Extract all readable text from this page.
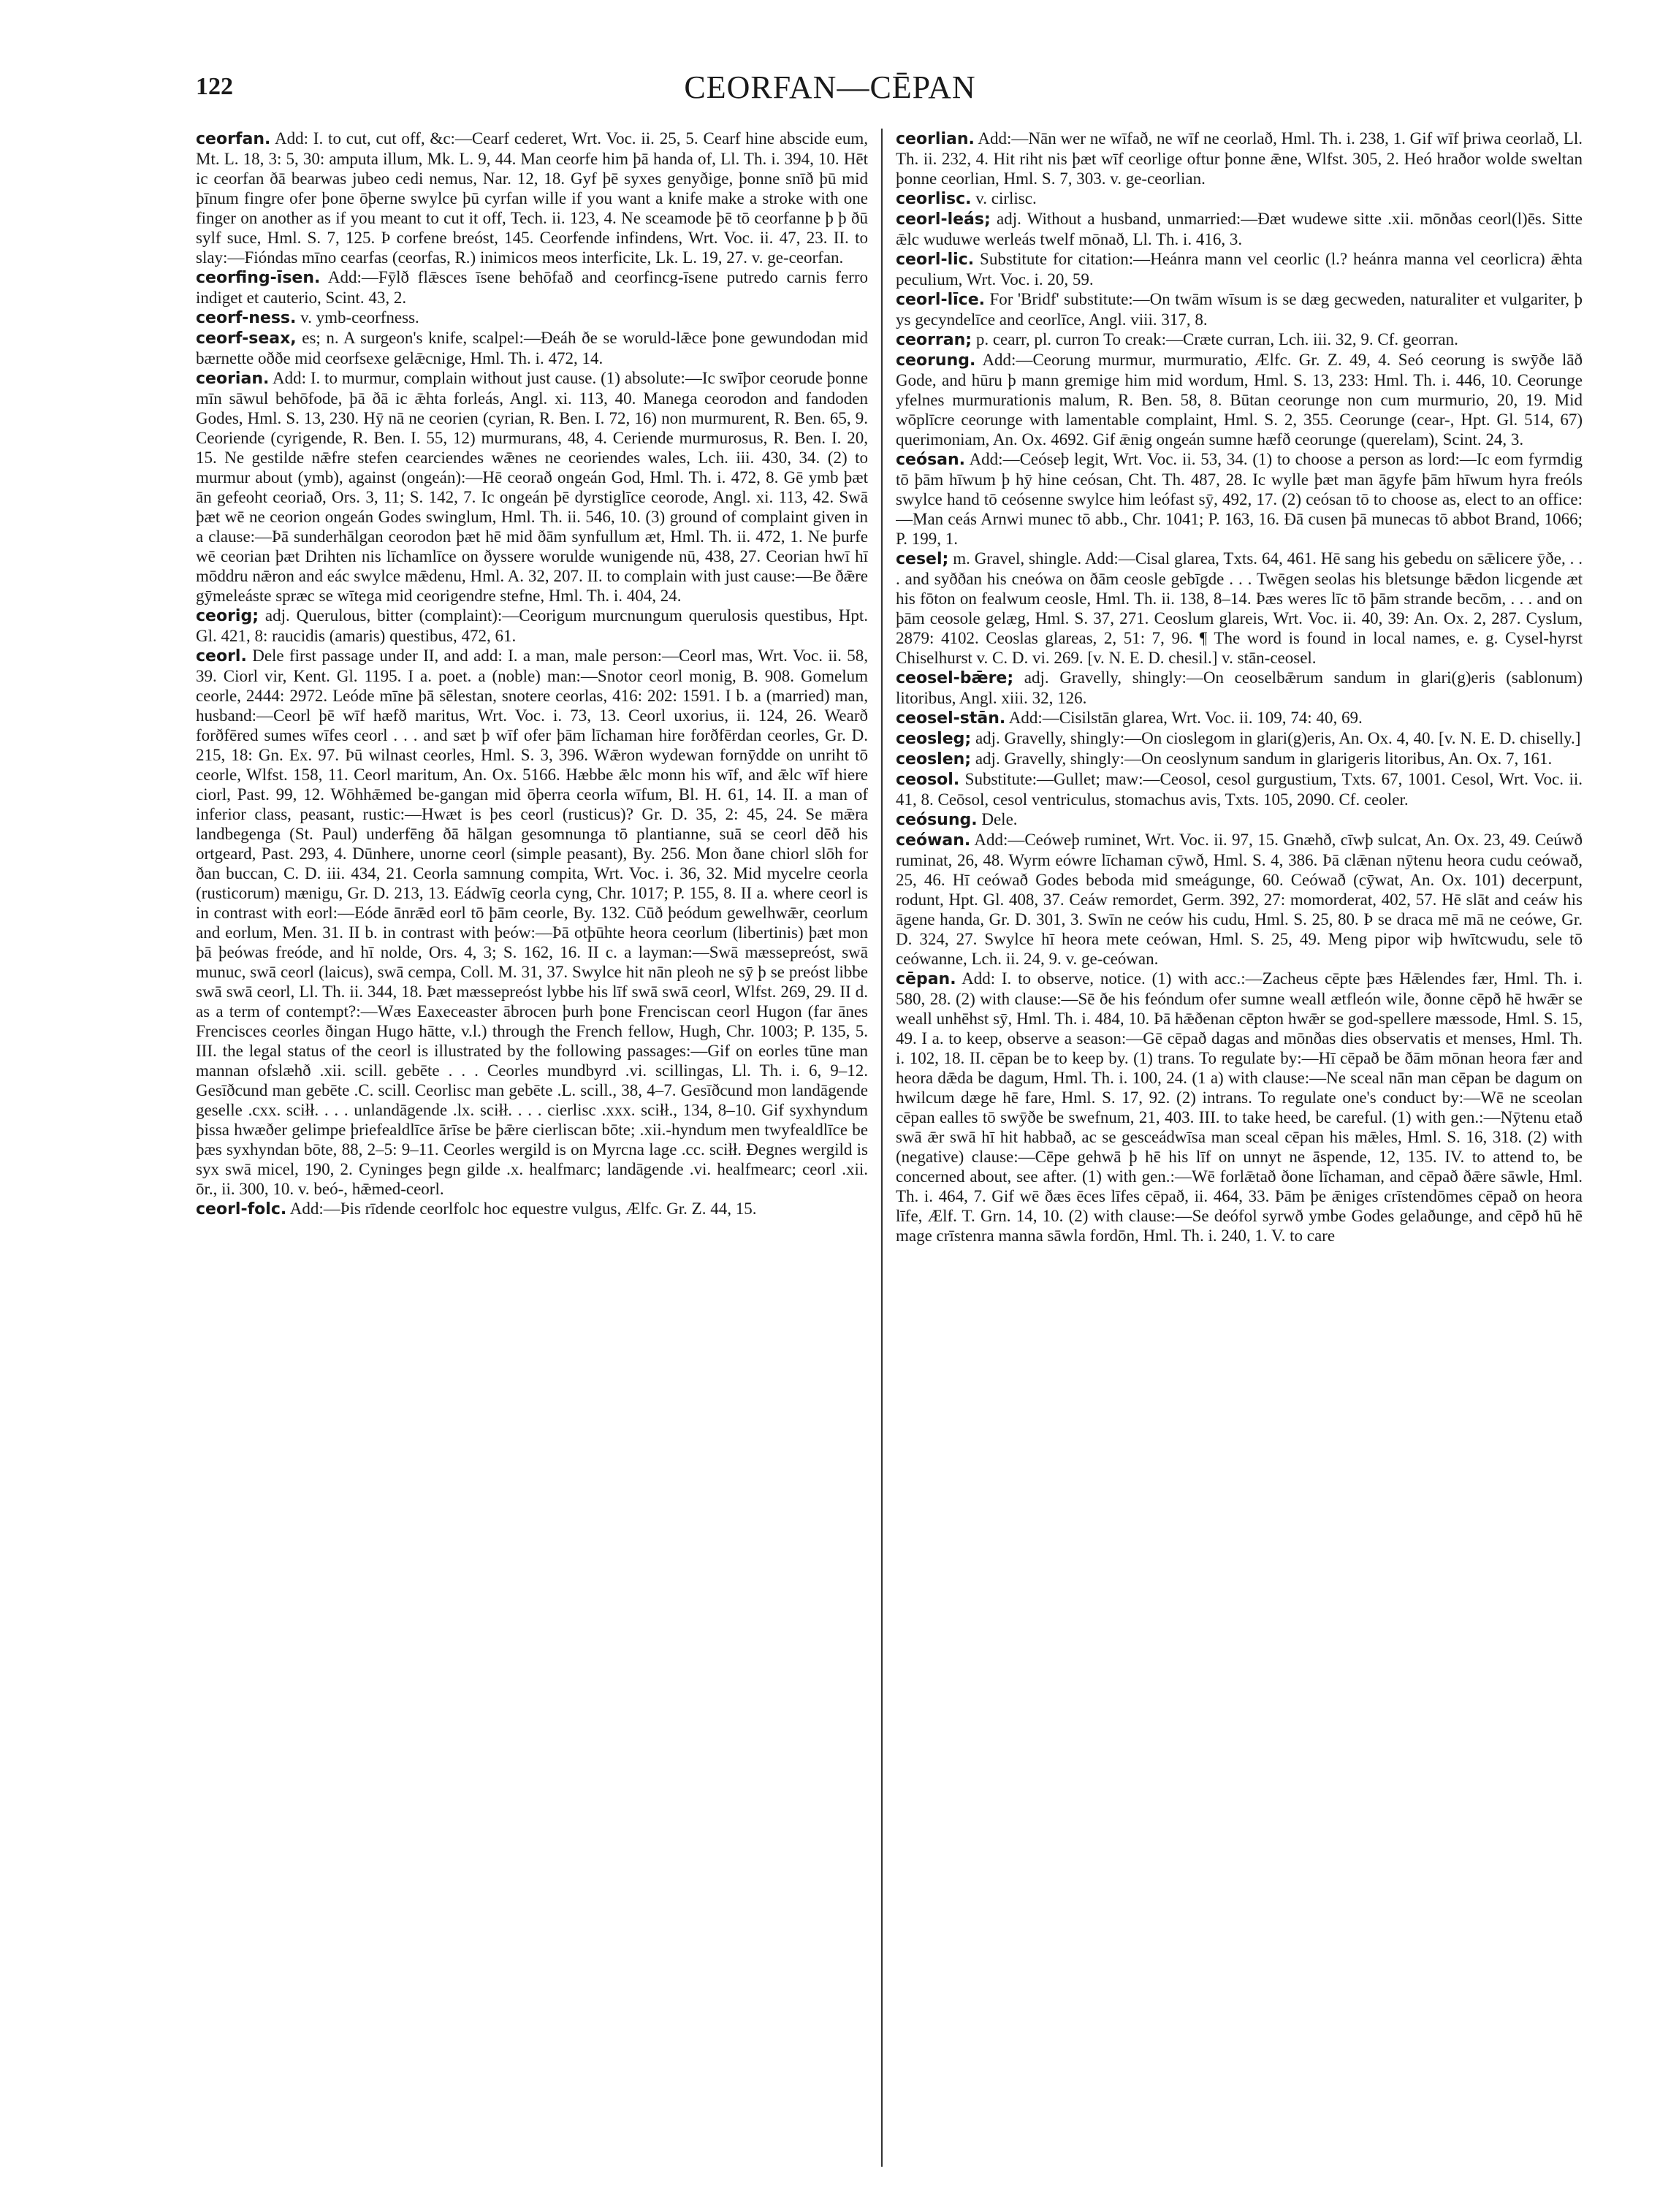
122	CEORFAN—CĒPAN

ceorfan. Add: I. to cut, cut off, &c:—Cearf cederet, Wrt. Voc. ii. 25, 5. Cearf hine abscide eum, Mt. L. 18, 3: 5, 30: amputa illum, Mk. L. 9, 44. Man ceorfe him þā handa of, Ll. Th. i. 394, 10. Hēt ic ceorfan ðā bearwas jubeo cedi nemus, Nar. 12, 18. Gyf þē syxes genyðige, þonne snīð þū mid þīnum fingre ofer þone ōþerne swylce þū cyrfan wille if you want a knife make a stroke with one finger on another as if you meant to cut it off, Tech. ii. 123, 4. Ne sceamode þē tō ceorfanne þ þ ðū sylf suce, Hml. S. 7, 125. Þ corfene breóst, 145. Ceorfende infindens, Wrt. Voc. ii. 47, 23. II. to slay:—Fióndas mīno cearfas (ceorfas, R.) inimicos meos interficite, Lk. L. 19, 27. v. ge-ceorfan.

ceorfing-īsen. Add:—Fȳlð flǣsces īsene behōfað and ceorfincg-īsene putredo carnis ferro indiget et cauterio, Scint. 43, 2.

ceorf-ness. v. ymb-ceorfness.

ceorf-seax, es; n. A surgeon's knife, scalpel:—Ðeáh ðe se woruld-lǣce þone gewundodan mid bærnette oððe mid ceorfsexe gelǣcnige, Hml. Th. i. 472, 14.

ceorian. Add: I. to murmur, complain without just cause. (1) absolute:—Ic swīþor ceorude þonne mīn sāwul behōfode, þā ðā ic ǣhta forleás, Angl. xi. 113, 40. Manega ceorodon and fandoden Godes, Hml. S. 13, 230. Hȳ nā ne ceorien (cyrian, R. Ben. I. 72, 16) non murmurent, R. Ben. 65, 9. Ceoriende (cyrigende, R. Ben. I. 55, 12) murmurans, 48, 4. Ceriende murmurosus, R. Ben. I. 20, 15. Ne gestilde nǣfre stefen cearciendes wǣnes ne ceoriendes wales, Lch. iii. 430, 34. (2) to murmur about (ymb), against (ongeán):—Hē ceorað ongeán God, Hml. Th. i. 472, 8. Gē ymb þæt ān gefeoht ceoriað, Ors. 3, 11; S. 142, 7. Ic ongeán þē dyrstiglīce ceorode, Angl. xi. 113, 42. Swā þæt wē ne ceorion ongeán Godes swinglum, Hml. Th. ii. 546, 10. (3) ground of complaint given in a clause:—Þā sunderhālgan ceorodon þæt hē mid ðām synfullum æt, Hml. Th. ii. 472, 1. Ne þurfe wē ceorian þæt Drihten nis līchamlīce on ðyssere woruldе wunigende nū, 438, 27. Ceorian hwī hī mōddru nǣron and eác swylce mǣdenu, Hml. A. 32, 207. II. to complain with just cause:—Be ðǣre gȳmeleáste spræc se wītega mid ceorigendre stefne, Hml. Th. i. 404, 24.

ceorig; adj. Querulous, bitter (complaint):—Ceorigum murcnungum querulosis questibus, Hpt. Gl. 421, 8: raucidis (amaris) questibus, 472, 61.

ceorl. Dele first passage under II, and add: I. a man, male person:—Ceorl mas, Wrt. Voc. ii. 58, 39. Ciorl vir, Kent. Gl. 1195. I a. poet. a (noble) man:—Snotor ceorl monig, B. 908. Gomelum ceorle, 2444: 2972. Leóde mīne þā sēlestan, snotere ceorlas, 416: 202: 1591. I b. a (married) man, husband:—Ceorl þē wīf hæfð maritus, Wrt. Voc. i. 73, 13. Ceorl uxorius, ii. 124, 26. Wearð forðfēred sumes wīfes ceorl . . . and sæt þ wīf ofer þām līchaman hire forðfērdan ceorles, Gr. D. 215, 18: Gn. Ex. 97. Þū wilnast ceorles, Hml. S. 3, 396. Wǣron wydewan fornȳdde on unriht tō ceorle, Wlfst. 158, 11. Ceorl maritum, An. Ox. 5166. Hæbbe ǣlc monn his wīf, and ǣlc wīf hiere ciorl, Past. 99, 12. Wōhhǣmed be-gangan mid ōþerra ceorla wīfum, Bl. H. 61, 14. II. a man of inferior class, peasant, rustic:—Hwæt is þes ceorl (rusticus)? Gr. D. 35, 2: 45, 24. Se mǣra landbegenga (St. Paul) underfēng ðā hālgan gesomnunga tō plantianne, suā se ceorl dēð his ortgeard, Past. 293, 4. Dūnhere, unorne ceorl (simple peasant), By. 256. Mon ðane chiorl slōh for ðan buccan, C. D. iii. 434, 21. Ceorla samnung compita, Wrt. Voc. i. 36, 32. Mid mycelre ceorla (rusticorum) mænigu, Gr. D. 213, 13. Eádwīg ceorla cyng, Chr. 1017; P. 155, 8. II a. where ceorl is in contrast with eorl:—Eóde ānrǣd eorl tō þām ceorle, By. 132. Cūð þeódum gewelhwǣr, ceorlum and eorlum, Men. 31. II b. in contrast with þeów:—Þā otþūhte heora ceorlum (libertinis) þæt mon þā þeówas freóde, and hī nolde, Ors. 4, 3; S. 162, 16. II c. a layman:—Swā mæssepreóst, swā munuc, swā ceorl (laicus), swā cempa, Coll. M. 31, 37. Swylce hit nān pleoh ne sȳ þ se preóst libbe swā swā ceorl, Ll. Th. ii. 344, 18. Þæt mæssepreóst lybbe his līf swā swā ceorl, Wlfst. 269, 29. II d. as a term of contempt?:—Wæs Eaxeceaster ābrocen þurh þone Frenciscan ceorl Hugon (far ānes Frencisces ceorles ðingan Hugo hātte, v.l.) through the French fellow, Hugh, Chr. 1003; P. 135, 5. III. the legal status of the ceorl is illustrated by the following passages:—Gif on eorles tūne man mannan ofslæhð .xii. scill. gebēte . . . Ceorles mundbyrd .vi. scillingas, Ll. Th. i. 6, 9–12. Gesīðcund man gebēte .C. scill. Ceorlisc man gebēte .L. scill., 38, 4–7. Gesīðcund mon landāgende geselle .cxx. sciłł. . . . unlandāgende .lx. sciłł. . . . cierlisc .xxx. sciłł., 134, 8–10. Gif syxhyndum þissa hwæðer gelimpe þriefealdlīce ārīse be þǣre cierliscan bōte; .xii.-hyndum men twyfealdlīce be þæs syxhyndan bōte, 88, 2–5: 9–11. Ceorles wergild is on Myrcna lage .cc. sciłł. Ðegnes wergild is syx swā micel, 190, 2. Cyninges þegn gilde .x. healfmarc; landāgende .vi. healfmearc; ceorl .xii. ōr., ii. 300, 10. v. beó-, hǣmed-ceorl.

ceorl-folc. Add:—Þis rīdende ceorlfolc hoc equestre vulgus, Ælfc. Gr. Z. 44, 15.

ceorlian. Add:—Nān wer ne wīfað, ne wīf ne ceorlað, Hml. Th. i. 238, 1. Gif wīf þriwa ceorlað, Ll. Th. ii. 232, 4. Hit riht nis þæt wīf ceorlige oftur þonne ǣne, Wlfst. 305, 2. Heó hraðor wolde sweltan þonne ceorlian, Hml. S. 7, 303. v. ge-ceorlian.

ceorlisc. v. cirlisc.

ceorl-leás; adj. Without a husband, unmarried:—Ðæt wudewe sitte .xii. mōnðas ceorl(l)ēs. Sitte ǣlc wuduwe werleás twelf mōnað, Ll. Th. i. 416, 3.

ceorl-lic. Substitute for citation:—Heánra mann vel ceorlic (l.? heánra manna vel ceorlicra) ǣhta peculium, Wrt. Voc. i. 20, 59.

ceorl-līce. For 'Bridf' substitute:—On twām wīsum is se dæg gecweden, naturaliter et vulgariter, þ ys gecyndelīce and ceorlīce, Angl. viii. 317, 8.

ceorran; p. cearr, pl. curron To creak:—Cræte curran, Lch. iii. 32, 9. Cf. georran.

ceorung. Add:—Ceorung murmur, murmuratio, Ælfc. Gr. Z. 49, 4. Seó ceorung is swȳðe lāð Gode, and hūru þ mann gremige him mid wordum, Hml. S. 13, 233: Hml. Th. i. 446, 10. Ceorunge yfelnes murmurationis malum, R. Ben. 58, 8. Būtan ceorunge non cum murmurio, 20, 19. Mid wōplīcre ceorunge with lamentable complaint, Hml. S. 2, 355. Ceorunge (cear-, Hpt. Gl. 514, 67) querimoniam, An. Ox. 4692. Gif ǣnig ongeán sumne hæfð ceorunge (querelam), Scint. 24, 3.

ceósan. Add:—Ceóseþ legit, Wrt. Voc. ii. 53, 34. (1) to choose a person as lord:—Ic eom fyrmdig tō þām hīwum þ hȳ hine ceósan, Cht. Th. 487, 28. Ic wylle þæt man āgyfe þām hīwum hyra freóls swylce hand tō ceósenne swylce him leófast sȳ, 492, 17. (2) ceósan tō to choose as, elect to an office:—Man ceás Arnwi munec tō abb., Chr. 1041; P. 163, 16. Ðā cusen þā munecas tō abbot Brand, 1066; P. 199, 1.

cesel; m. Gravel, shingle. Add:—Cisal glarea, Txts. 64, 461. Hē sang his gebedu on sǣlicere ȳðe, . . . and syððan his cneówa on ðām ceosle gebīgde . . . Twēgen seolas his bletsunge bǣdon licgende æt his fōton on fealwum ceosle, Hml. Th. ii. 138, 8–14. Þæs weres līc tō þām strande becōm, . . . and on þām ceosole gelæg, Hml. S. 37, 271. Ceoslum glareis, Wrt. Voc. ii. 40, 39: An. Ox. 2, 287. Cyslum, 2879: 4102. Ceoslas glareas, 2, 51: 7, 96. ¶ The word is found in local names, e. g. Cysel-hyrst Chiselhurst v. C. D. vi. 269. [v. N. E. D. chesil.] v. stān-ceosel.

ceosel-bǣre; adj. Gravelly, shingly:—On ceoselbǣrum sandum in glari(g)eris (sablonum) litoribus, Angl. xiii. 32, 126.

ceosel-stān. Add:—Cisilstān glarea, Wrt. Voc. ii. 109, 74: 40, 69.

ceosleg; adj. Gravelly, shingly:—On cioslegom in glari(g)eris, An. Ox. 4, 40. [v. N. E. D. chiselly.]

ceoslen; adj. Gravelly, shingly:—On ceoslynum sandum in glarigeris litoribus, An. Ox. 7, 161.

ceosol. Substitute:—Gullet; maw:—Ceosol, cesol gurgustium, Txts. 67, 1001. Cesol, Wrt. Voc. ii. 41, 8. Ceōsol, cesol ventriculus, stomachus avis, Txts. 105, 2090. Cf. ceoler.

ceósung. Dele.

ceówan. Add:—Ceóweþ ruminet, Wrt. Voc. ii. 97, 15. Gnæhð, cīwþ sulcat, An. Ox. 23, 49. Ceúwð ruminat, 26, 48. Wyrm eówre līchaman cȳwð, Hml. S. 4, 386. Þā clǣnan nȳtenu heora cudu ceówað, 25, 46. Hī ceówað Godes beboda mid smeágunge, 60. Ceówað (cȳwat, An. Ox. 101) decerpunt, rodunt, Hpt. Gl. 408, 37. Ceáw remordet, Germ. 392, 27: momorderat, 402, 57. Hē slāt and ceáw his āgene handa, Gr. D. 301, 3. Swīn ne ceów his cudu, Hml. S. 25, 80. Þ se draca mē mā ne ceówe, Gr. D. 324, 27. Swylce hī heora mete ceówan, Hml. S. 25, 49. Meng pipor wiþ hwītcwudu, sele tō ceówanne, Lch. ii. 24, 9. v. ge-ceówan.

cēpan. Add: I. to observe, notice. (1) with acc.:—Zacheus cēpte þæs Hǣlendes fær, Hml. Th. i. 580, 28. (2) with clause:—Sē ðe his feóndum ofer sumne weall ætfleón wile, ðonne cēpð hē hwǣr se weall unhēhst sȳ, Hml. Th. i. 484, 10. Þā hǣðenan cēpton hwǣr se god-spellere mæssode, Hml. S. 15, 49. I a. to keep, observe a season:—Gē cēpað dagas and mōnðas dies observatis et menses, Hml. Th. i. 102, 18. II. cēpan be to keep by. (1) trans. To regulate by:—Hī cēpað be ðām mōnan heora fær and heora dǣda be dagum, Hml. Th. i. 100, 24. (1 a) with clause:—Ne sceal nān man cēpan be dagum on hwilcum dæge hē fare, Hml. S. 17, 92. (2) intrans. To regulate one's conduct by:—Wē ne sceolan cēpan ealles tō swȳðe be swefnum, 21, 403. III. to take heed, be careful. (1) with gen.:—Nȳtenu etað swā ǣr swā hī hit habbað, ac se gesceádwīsa man sceal cēpan his mǣles, Hml. S. 16, 318. (2) with (negative) clause:—Cēpe gehwā þ hē his līf on unnyt ne āspende, 12, 135. IV. to attend to, be concerned about, see after. (1) with gen.:—Wē forlǣtað ðone līchaman, and cēpað ðǣre sāwle, Hml. Th. i. 464, 7. Gif wē ðæs ēces līfes cēpað, ii. 464, 33. Þām þe ǣniges crīstendōmes cēpað on heora līfe, Ælf. T. Grn. 14, 10. (2) with clause:—Se deófol syrwð ymbe Godes gelaðunge, and cēpð hū hē mage crīstenra manna sāwla fordōn, Hml. Th. i. 240, 1. V. to care
